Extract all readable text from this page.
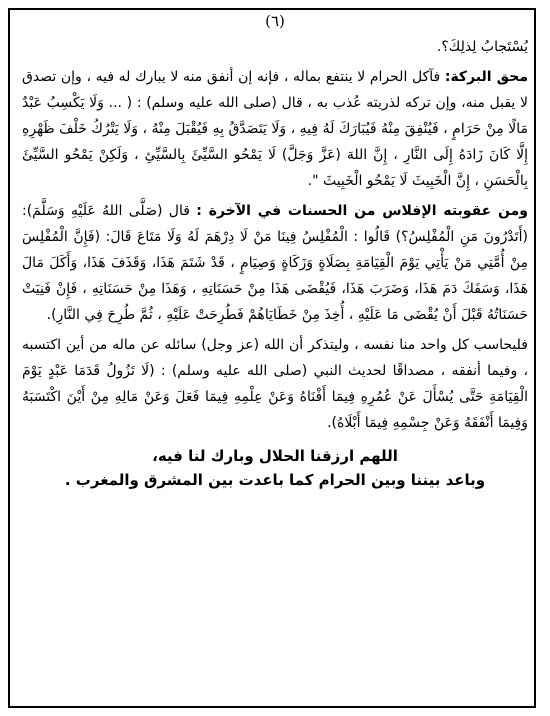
(٦)

يُسْتَجابُ لِذلِكَ؟.

محق البركة: فآكل الحرام لا ينتفع بماله ، فإنه إن أنفق منه لا يبارك له فيه ، وإن تصدق لا يقبل منه، وإن تركه لذريته عُذب به ، قال (صلى الله عليه وسلم) : ( ... وَلَا يَكْسِبُ عَبْدٌ مَالًا مِنْ حَرَامٍ ، فَيُنْفِقَ مِنْهُ فَيُبَارَكَ لَهُ فِيهِ ، وَلَا يَتَصَدَّقُ بِهِ فَيُقْبَلَ مِنْهُ ، وَلَا يَتْرُكُ خَلْفَ ظَهْرِهِ إِلَّا كَانَ زَادَهُ إِلَى النَّارِ ، إِنَّ اللهَ (عَزَّ وَجَلَّ) لَا يَمْحُو السَّيِّئَ بِالسَّيِّئِ ، وَلَكِنْ يَمْحُو السَّيِّئَ بِالْحَسَنِ ، إِنَّ الْخَبِيثَ لَا يَمْحُو الْخَبِيثَ ".

ومن عقوبته الإفلاس من الحسنات في الآخرة : قال (صَلَّى اللهُ عَلَيْهِ وَسَلَّمَ): (أَتَدْرُونَ مَنِ الْمُفْلِسُ؟) قَالُوا : الْمُفْلِسُ فِينَا مَنْ لَا دِرْهَمَ لَهُ وَلَا مَتَاعَ قَالَ: (فَإِنَّ الْمُفْلِسَ مِنْ أُمَّتِي مَنْ يَأْتِي يَوْمَ الْقِيَامَةِ بِصَلَاةٍ وَزَكَاةٍ وَصِيَامٍ ، قَدْ شَتَمَ هَذَا، وَقَذَفَ هَذَا، وَأَكَلَ مَالَ هَذَا، وَسَفَكَ دَمَ هَذَا، وَضَرَبَ هَذَا، فَيُقْضَى هَذَا مِنْ حَسَنَاتِهِ ، وَهَذَا مِنْ حَسَنَاتِهِ ، فَإِنْ فَنِيَتْ حَسَنَاتُهُ قَبْلَ أَنْ يُقْضَى مَا عَلَيْهِ ، أُخِذَ مِنْ خَطَايَاهُمْ فَطُرِحَتْ عَلَيْهِ ، ثُمَّ طُرِحَ فِي النَّارِ).

فليحاسب كل واحد منا نفسه ، وليتذكر أن الله (عز وجل) سائله عن ماله من أين اكتسبه ، وفيما أنفقه ، مصداقًا لحديث النبي (صلى الله عليه وسلم) : (لَا تَزُولُ قَدَمَا عَبْدٍ يَوْمَ الْقِيَامَةِ حَتَّى يُسْأَلَ عَنْ عُمُرِهِ فِيمَا أَفْنَاهُ وَعَنْ عِلْمِهِ فِيمَا فَعَلَ وَعَنْ مَالِهِ مِنْ أَيْنَ اكْتَسَبَهُ وَفِيمَا أَنْفَقَهُ وَعَنْ جِسْمِهِ فِيمَا أَبْلَاهُ).

اللهم ارزقنا الحلال وبارك لنا فيه،

وباعد بيننا وبين الحرام كما باعدت بين المشرق والمغرب .
